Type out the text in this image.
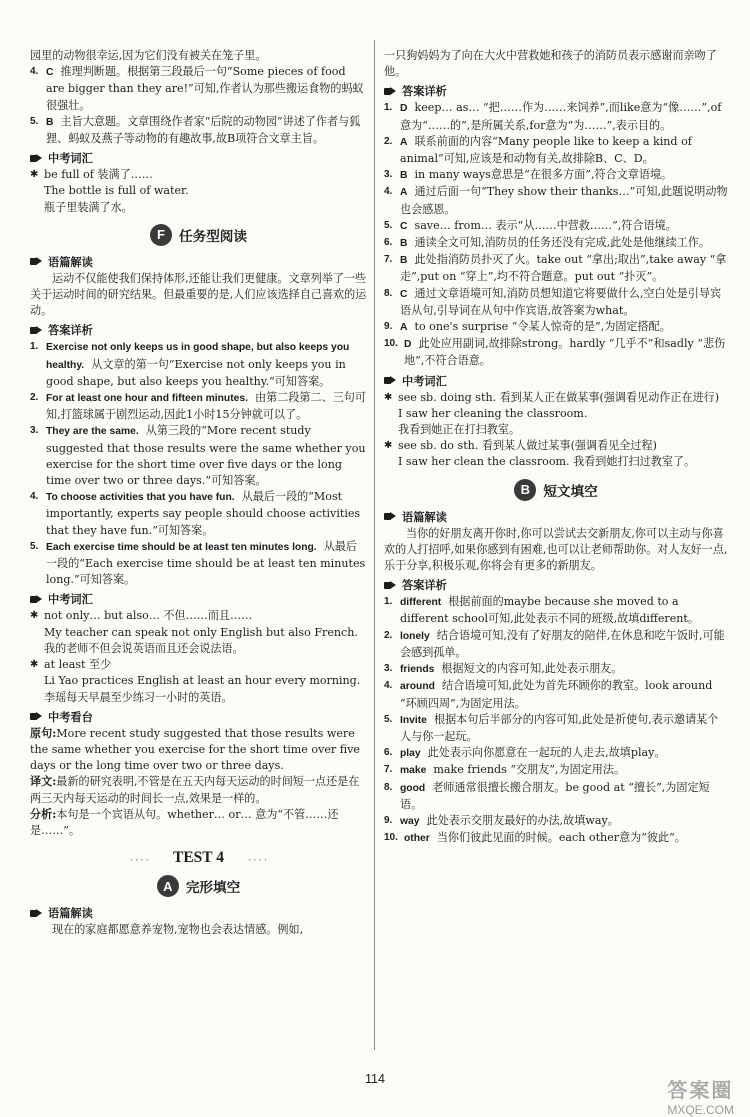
园里的动物很幸运,因为它们没有被关在笼子里。
4. C 推理判断题。根据第三段最后一句“Some pieces of food are bigger than they are!”可知,作者认为那些搬运食物的蚂蚁很强壮。
5. B 主旨大意题。文章围绕作者家“后院的动物园”讲述了作者与狐狸、蚂蚁及燕子等动物的有趣故事,故B项符合文章主旨。
中考词汇
✱ be full of 装满了……
The bottle is full of water.
瓶子里装满了水。
F	任务型阅读
语篇解读
运动不仅能使我们保持体形,还能让我们更健康。文章列举了一些关于运动时间的研究结果。但最重要的是,人们应该选择自己喜欢的运动。
答案详析
1. Exercise not only keeps us in good shape, but also keeps you healthy. 从文章的第一句“Exercise not only keeps you in good shape, but also keeps you healthy.”可知答案。
2. For at least one hour and fifteen minutes. 由第二段第二、三句可知,打篮球属于剧烈运动,因此1小时15分钟就可以了。
3. They are the same. 从第三段的“More recent study suggested that those results were the same whether you exercise for the short time over five days or the long time over two or three days.”可知答案。
4. To choose activities that you have fun. 从最后一段的“Most importantly, experts say people should choose activities that they have fun.”可知答案。
5. Each exercise time should be at least ten minutes long. 从最后一段的“Each exercise time should be at least ten minutes long.”可知答案。
中考词汇
✱ not only… but also… 不但……而且……
My teacher can speak not only English but also French.
我的老师不但会说英语而且还会说法语。
✱ at least 至少
Li Yao practices English at least an hour every morning.
李瑶每天早晨至少练习一小时的英语。
中考看台
原句:More recent study suggested that those results were the same whether you exercise for the short time over five days or the long time over two or three days.
译文:最新的研究表明,不管是在五天内每天运动的时间短一点还是在两三天内每天运动的时间长一点,效果是一样的。
分析:本句是一个宾语从句。whether… or… 意为“不管……还是……”。
· · · · TEST 4 · · · ·
A 完形填空
语篇解读
现在的家庭都愿意养宠物,宠物也会表达情感。例如,
一只狗妈妈为了向在大火中营救她和孩子的消防员表示感谢而亲吻了他。
答案详析
1. D keep… as… “把……作为……来饲养”,而like意为“像……”,of意为“……的”,是所属关系,for意为“为……”,表示目的。
2. A 联系前面的内容“Many people like to keep a kind of animal”可知,应该是和动物有关,故排除B、C、D。
3. B in many ways意思是“在很多方面”,符合文章语境。
4. A 通过后面一句“They show their thanks…”可知,此题说明动物也会感恩。
5. C save… from… 表示“从……中营救……”,符合语境。
6. B 通读全文可知,消防员的任务还没有完成,此处是他继续工作。
7. B 此处指消防员扑灭了火。take out “拿出;取出”,take away “拿走”,put on “穿上”,均不符合题意。put out “扑灭”。
8. C 通过文章语境可知,消防员想知道它将要做什么,空白处是引导宾语从句,引导词在从句中作宾语,故答案为what。
9. A to one's surprise “令某人惊奇的是”,为固定搭配。
10. D 此处应用副词,故排除strong。hardly “几乎不”和sadly “悲伤地”,不符合语意。
中考词汇
✱ see sb. doing sth. 看到某人正在做某事(强调看见动作正在进行)
I saw her cleaning the classroom.
我看到她正在打扫教室。
✱ see sb. do sth. 看到某人做过某事(强调看见全过程)
I saw her clean the classroom. 我看到她打扫过教室了。
B 短文填空
语篇解读
当你的好朋友离开你时,你可以尝试去交新朋友,你可以主动与你喜欢的人打招呼,如果你感到有困难,也可以让老师帮助你。对人友好一点,乐于分享,积极乐观,你将会有更多的新朋友。
答案详析
1. different 根据前面的maybe because she moved to a different school可知,此处表示不同的班级,故填different。
2. lonely 结合语境可知,没有了好朋友的陪伴,在休息和吃午饭时,可能会感到孤单。
3. friends 根据短文的内容可知,此处表示朋友。
4. around 结合语境可知,此处为首先环顾你的教室。look around “环顾四周”,为固定用法。
5. Invite 根据本句后半部分的内容可知,此处是祈使句,表示邀请某个人与你一起玩。
6. play 此处表示向你愿意在一起玩的人走去,故填play。
7. make make friends “交朋友”,为固定用法。
8. good 老师通常很擅长搬合朋友。be good at “擅长”,为固定短语。
9. way 此处表示交朋友最好的办法,故填way。
10. other 当你们彼此见面的时候。each other意为“彼此”。
114
答案圈
MXQE.COM
